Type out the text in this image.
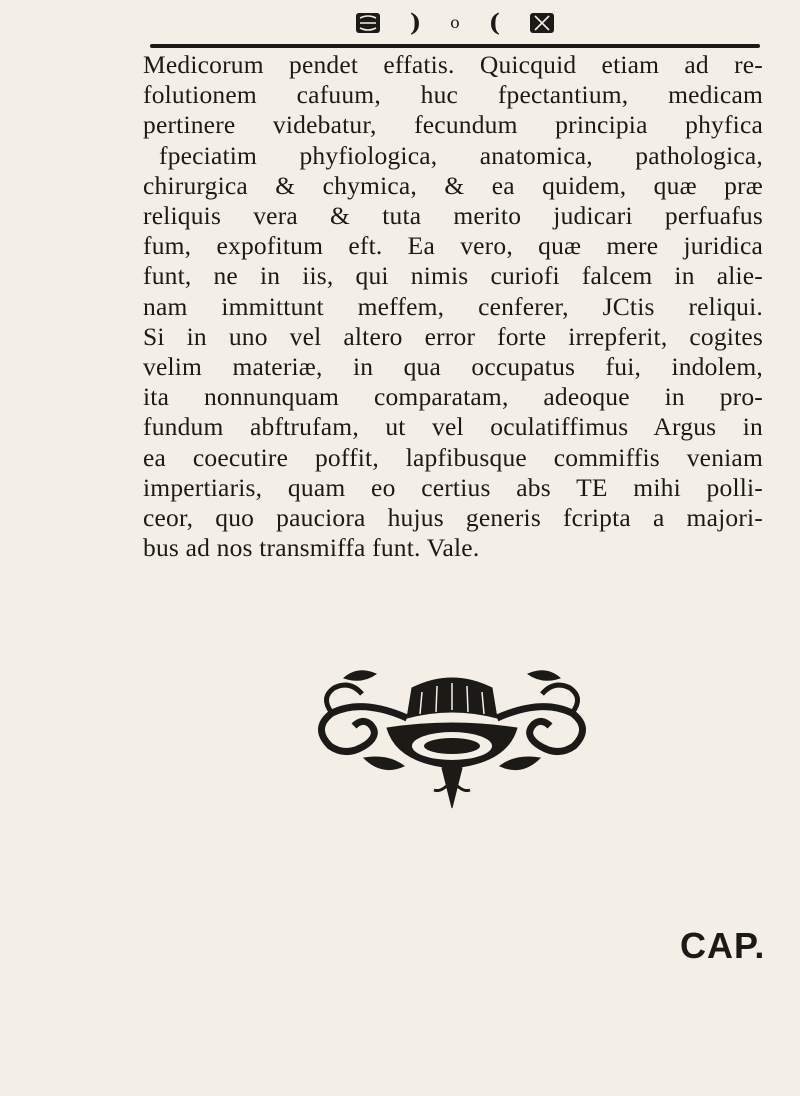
) o (
Medicorum pendet effatis. Quicquid etiam ad re-
folutionem cafuum, huc fpectantium, medicam
pertinere videbatur, fecundum principia phyfica
fpeciatim phyfiologica, anatomica, pathologica,
chirurgica & chymica, & ea quidem, quæ præ
reliquis vera & tuta merito judicari perfuafus
fum, expofitum eft. Ea vero, quæ mere juridica
funt, ne in iis, qui nimis curiofi falcem in alie-
nam immittunt meffem, cenferer, JCtis reliqui.
Si in uno vel altero error forte irrepferit, cogites
velim materiæ, in qua occupatus fui, indolem,
ita nonnunquam comparatam, adeoque in pro-
fundum abftrufam, ut vel oculatiffimus Argus in
ea coecutire poffit, lapfibusque commiffis veniam
impertiaris, quam eo certius abs TE mihi polli-
ceor, quo pauciora hujus generis fcripta a majori-
bus ad nos transmiffa funt. Vale.
CAP.
